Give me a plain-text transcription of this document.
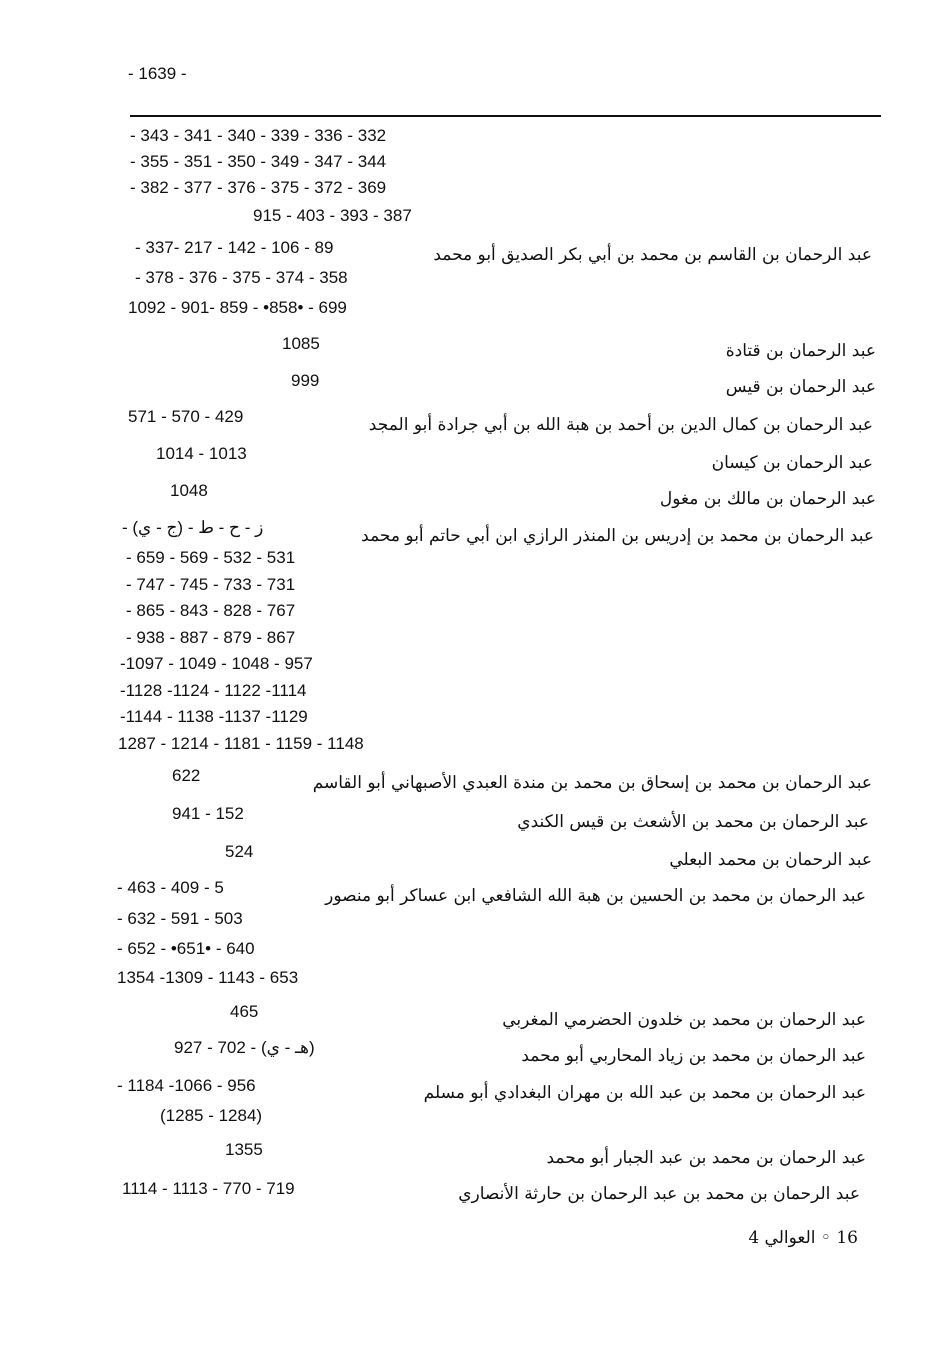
- 1639 -
- 343 - 341 - 340 - 339 - 336 - 332
- 355 - 351 - 350 - 349 - 347 - 344
- 382 - 377 - 376 - 375 - 372 - 369
915 - 403 - 393 - 387
عبد الرحمان بن القاسم بن محمد بن أبي بكر الصديق أبو محمد
- 337- 217 - 142 - 106 - 89
- 378 - 376 - 375 - 374 - 358
1092 - 901- 859 - •858• - 699
عبد الرحمان بن قتادة
1085
عبد الرحمان بن قيس
999
عبد الرحمان بن كمال الدين بن أحمد بن هبة الله بن أبي جرادة أبو المجد
571 - 570 - 429
عبد الرحمان بن كيسان
1014 - 1013
عبد الرحمان بن مالك بن مغول
1048
عبد الرحمان بن محمد بن إدريس بن المنذر الرازي ابن أبي حاتم أبو محمد
ز - ح - ط - (ج - ي) -
- 659 - 569 - 532 - 531
- 747 - 745 - 733 - 731
- 865 - 843 - 828 - 767
- 938 - 887 - 879 - 867
-1097 - 1049 - 1048 - 957
-1128 -1124 - 1122 -1114
-1144 - 1138 -1137 -1129
1287 - 1214 - 1181 - 1159 - 1148
عبد الرحمان بن محمد بن إسحاق بن محمد بن مندة العبدي الأصبهاني أبو القاسم
622
عبد الرحمان بن محمد بن الأشعث بن قيس الكندي
941 - 152
عبد الرحمان بن محمد البعلي
524
عبد الرحمان بن محمد بن الحسين بن هبة الله الشافعي ابن عساكر أبو منصور
- 463 - 409 - 5
- 632 - 591 - 503
- 652 - •651• - 640
1354 -1309 - 1143 - 653
عبد الرحمان بن محمد بن خلدون الحضرمي المغربي
465
عبد الرحمان بن محمد بن زياد المحاربي أبو محمد
927 - 702 - (هـ - ي)
عبد الرحمان بن محمد بن عبد الله بن مهران البغدادي أبو مسلم
- 1184 -1066 - 956
(1285 - 1284)
عبد الرحمان بن محمد بن عبد الجبار أبو محمد
1355
عبد الرحمان بن محمد بن عبد الرحمان بن حارثة الأنصاري
1114 - 1113 - 770 - 719
16 ◦ العوالي 4
